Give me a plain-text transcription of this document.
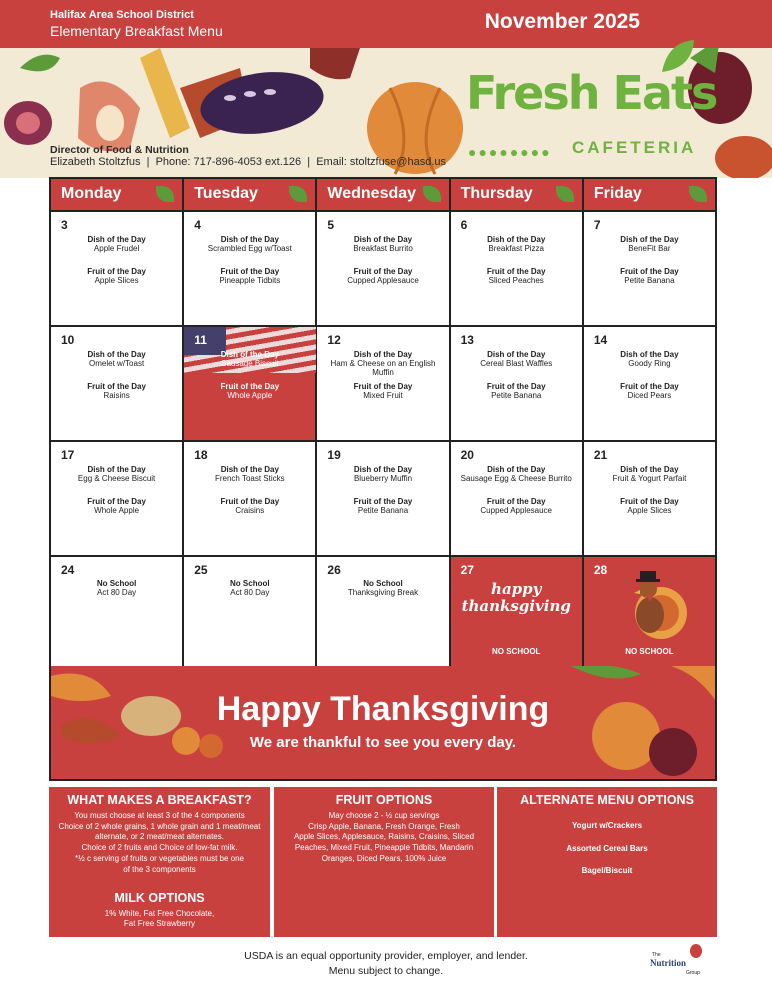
Halifax Area School District
Elementary Breakfast Menu	November 2025
Fresh Eats
●●●●●●●● CAFETERIA
Director of Food & Nutrition
Elizabeth Stoltzfus  |  Phone: 717-896-4053 ext.126  |  Email: stoltzfuse@hasd.us
Monday	Tuesday	Wednesday	Thursday	Friday
3
Dish of the Day
Apple Frudel
Fruit of the Day
Apple Slices
4
Dish of the Day
Scrambled Egg w/Toast
Fruit of the Day
Pineapple Tidbits
5
Dish of the Day
Breakfast Burrito
Fruit of the Day
Cupped Applesauce
6
Dish of the Day
Breakfast Pizza
Fruit of the Day
Sliced Peaches
7
Dish of the Day
BeneFit Bar
Fruit of the Day
Petite Banana
10
Dish of the Day
Omelet w/Toast
Fruit of the Day
Raisins
11
Dish of the Day
Sausage Biscuit
Fruit of the Day
Whole Apple
12
Dish of the Day
Ham & Cheese on an English Muffin
Fruit of the Day
Mixed Fruit
13
Dish of the Day
Cereal Blast Waffles
Fruit of the Day
Petite Banana
14
Dish of the Day
Goody Ring
Fruit of the Day
Diced Pears
17
Dish of the Day
Egg & Cheese Biscuit
Fruit of the Day
Whole Apple
18
Dish of the Day
French Toast Sticks
Fruit of the Day
Craisins
19
Dish of the Day
Blueberry Muffin
Fruit of the Day
Petite Banana
20
Dish of the Day
Sausage Egg & Cheese Burrito
Fruit of the Day
Cupped Applesauce
21
Dish of the Day
Fruit & Yogurt Parfait
Fruit of the Day
Apple Slices
24
No School
Act 80 Day
25
No School
Act 80 Day
26
No School
Thanksgiving Break
27
happy thanksgiving
NO SCHOOL
28
NO SCHOOL
Happy Thanksgiving
We are thankful to see you every day.
WHAT MAKES A BREAKFAST?
You must choose at least 3 of the 4 components
Choice of 2 whole grains, 1 whole grain and 1 meat/meat
alternate, or 2 meat/meat alternates.
Choice of 2 fruits and Choice of low-fat milk.
*½ c serving of fruits or vegetables must be one
of the 3 components
MILK OPTIONS
1% White, Fat Free Chocolate,
Fat Free Strawberry
FRUIT OPTIONS
May choose 2 - ½ cup servings
Crisp Apple, Banana, Fresh Orange, Fresh
Apple Slices, Applesauce, Raisins, Craisins, Sliced
Peaches, Mixed Fruit, Pineapple Tidbits, Mandarin
Oranges, Diced Pears, 100% Juice
ALTERNATE MENU OPTIONS
Yogurt w/Crackers
Assorted Cereal Bars
Bagel/Biscuit
USDA is an equal opportunity provider, employer, and lender.
Menu subject to change.
The
Nutrition
Group
